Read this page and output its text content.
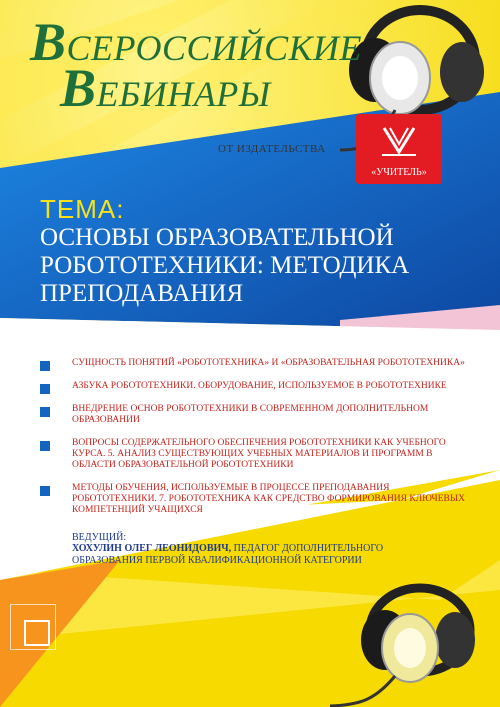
ВСЕРОССИЙСКИЕ
ВЕБИНАРЫ
ОТ ИЗДАТЕЛЬСТВА
«УЧИТЕЛЬ»
ТЕМА:
ОСНОВЫ ОБРАЗОВАТЕЛЬНОЙ
РОБОТОТЕХНИКИ: МЕТОДИКА
ПРЕПОДАВАНИЯ
СУЩНОСТЬ ПОНЯТИЙ «РОБОТОТЕХНИКА» И «ОБРАЗОВАТЕЛЬНАЯ РОБОТОТЕХНИКА»
АЗБУКА РОБОТОТЕХНИКИ. ОБОРУДОВАНИЕ, ИСПОЛЬЗУЕМОЕ В РОБОТОТЕХНИКЕ
ВНЕДРЕНИЕ ОСНОВ РОБОТОТЕХНИКИ В СОВРЕМЕННОМ ДОПОЛНИТЕЛЬНОМ ОБРАЗОВАНИИ
ВОПРОСЫ СОДЕРЖАТЕЛЬНОГО ОБЕСПЕЧЕНИЯ РОБОТОТЕХНИКИ КАК УЧЕБНОГО КУРСА. 5. АНАЛИЗ СУЩЕСТВУЮЩИХ УЧЕБНЫХ МАТЕРИАЛОВ И ПРОГРАММ В ОБЛАСТИ ОБРАЗОВАТЕЛЬНОЙ РОБОТОТЕХНИКИ
МЕТОДЫ ОБУЧЕНИЯ, ИСПОЛЬЗУЕМЫЕ В ПРОЦЕССЕ ПРЕПОДАВАНИЯ РОБОТОТЕХНИКИ. 7. РОБОТОТЕХНИКА КАК СРЕДСТВО ФОРМИРОВАНИЯ КЛЮЧЕВЫХ КОМПЕТЕНЦИЙ УЧАЩИХСЯ
ВЕДУЩИЙ:
ХОХУЛИН ОЛЕГ ЛЕОНИДОВИЧ, ПЕДАГОГ ДОПОЛНИТЕЛЬНОГО ОБРАЗОВАНИЯ ПЕРВОЙ КВАЛИФИКАЦИОННОЙ КАТЕГОРИИ
